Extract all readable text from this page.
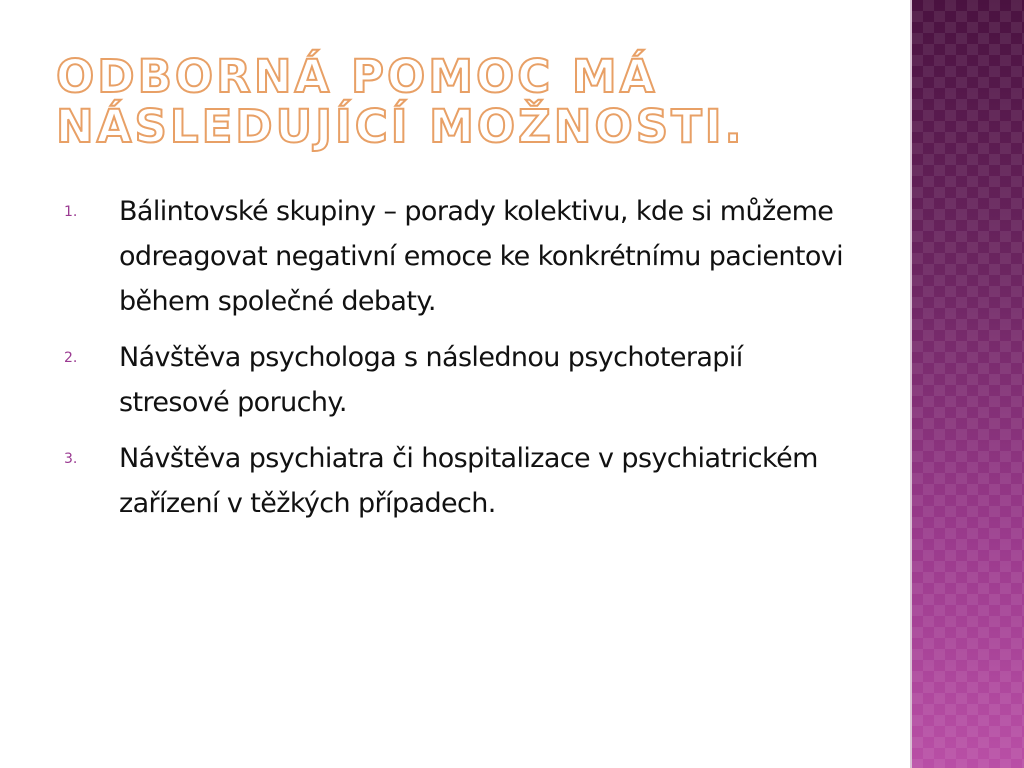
ODBORNÁ POMOC MÁ NÁSLEDUJÍCÍ MOŽNOSTI.
1. Bálintovské skupiny – porady kolektivu, kde si můžeme odreagovat negativní emoce ke konkrétnímu pacientovi během společné debaty.
2. Návštěva psychologa s následnou psychoterapií stresové poruchy.
3. Návštěva psychiatra či hospitalizace v psychiatrickém zařízení v těžkých případech.
